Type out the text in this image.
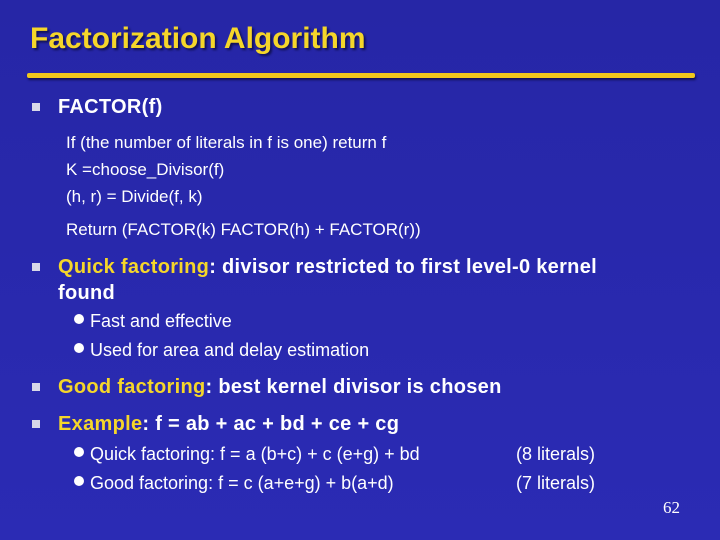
Factorization Algorithm
FACTOR(f)
If (the number of literals in f is one) return f
K =choose_Divisor(f)
(h, r) = Divide(f, k)
Return (FACTOR(k) FACTOR(h) + FACTOR(r))
Quick factoring: divisor restricted to first level-0 kernel
found
Fast and effective
Used for area and delay estimation
Good factoring: best kernel divisor is chosen
Example: f = ab + ac + bd + ce + cg
Quick factoring: f = a (b+c) + c (e+g) + bd	(8 literals)
Good factoring: f = c (a+e+g) + b(a+d)	(7 literals)
62
